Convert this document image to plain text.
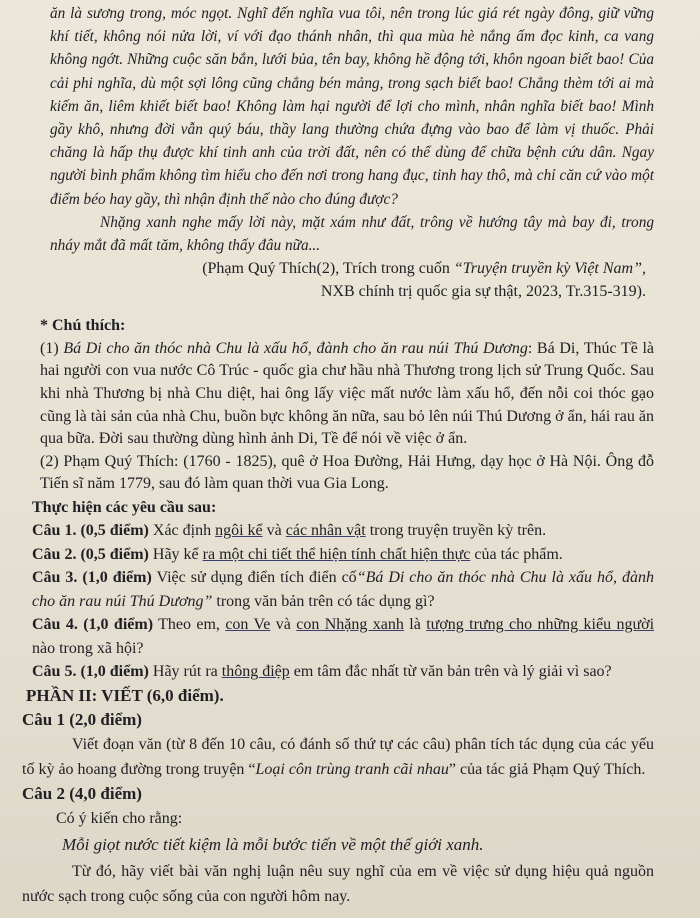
ăn là sương trong, móc ngọt. Nghĩ đến nghĩa vua tôi, nên trong lúc giá rét ngày đông, giữ vững khí tiết, không nói nửa lời, ví với đạo thánh nhân, thì qua mùa hè nắng ấm đọc kinh, ca vang không ngớt. Những cuộc săn bắn, lưới bủa, tên bay, không hề động tới, khôn ngoan biết bao! Của cải phi nghĩa, dù một sợi lông cũng chẳng bén mảng, trong sạch biết bao! Chẳng thèm tới ai mà kiếm ăn, liêm khiết biết bao! Không làm hại người để lợi cho mình, nhân nghĩa biết bao! Mình gầy khô, nhưng đời vẫn quý báu, thầy lang thường chứa đựng vào bao để làm vị thuốc. Phải chăng là hấp thụ được khí tinh anh của trời đất, nên có thể dùng để chữa bệnh cứu dân. Ngay người bình phẩm không tìm hiểu cho đến nơi trong hang đục, tinh hay thô, mà chỉ căn cứ vào một điểm béo hay gầy, thì nhận định thế nào cho đúng được?

Nhặng xanh nghe mấy lời này, mặt xám như đất, trông về hướng tây mà bay đi, trong nháy mắt đã mất tăm, không thấy đâu nữa...

(Phạm Quý Thích(2), Trích trong cuốn “Truyện truyền kỳ Việt Nam”,

NXB chính trị quốc gia sự thật, 2023, Tr.315-319).

* Chú thích:

(1) Bá Di cho ăn thóc nhà Chu là xấu hổ, đành cho ăn rau núi Thú Dương: Bá Di, Thúc Tề là hai người con vua nước Cô Trúc - quốc gia chư hầu nhà Thương trong lịch sử Trung Quốc. Sau khi nhà Thương bị nhà Chu diệt, hai ông lấy việc mất nước làm xấu hổ, đến nỗi coi thóc gạo cũng là tài sản của nhà Chu, buồn bực không ăn nữa, sau bỏ lên núi Thú Dương ở ẩn, hái rau ăn qua bữa. Đời sau thường dùng hình ảnh Di, Tề để nói về việc ở ẩn.

(2) Phạm Quý Thích: (1760 - 1825), quê ở Hoa Đường, Hải Hưng, dạy học ở Hà Nội. Ông đỗ Tiến sĩ năm 1779, sau đó làm quan thời vua Gia Long.

Thực hiện các yêu cầu sau:

Câu 1. (0,5 điểm) Xác định ngôi kể và các nhân vật trong truyện truyền kỳ trên.

Câu 2. (0,5 điểm) Hãy kể ra một chi tiết thể hiện tính chất hiện thực của tác phẩm.

Câu 3. (1,0 điểm) Việc sử dụng điển tích điển cố“Bá Di cho ăn thóc nhà Chu là xấu hổ, đành cho ăn rau núi Thú Dương” trong văn bản trên có tác dụng gì?

Câu 4. (1,0 điểm) Theo em, con Ve và con Nhặng xanh là tượng trưng cho những kiểu người nào trong xã hội?

Câu 5. (1,0 điểm) Hãy rút ra thông điệp em tâm đắc nhất từ văn bản trên và lý giải vì sao?

PHẦN II: VIẾT (6,0 điểm).

Câu 1 (2,0 điểm)

Viết đoạn văn (từ 8 đến 10 câu, có đánh số thứ tự các câu) phân tích tác dụng của các yếu tố kỳ ảo hoang đường trong truyện “Loại côn trùng tranh cãi nhau” của tác giả Phạm Quý Thích.

Câu 2 (4,0 điểm)

Có ý kiến cho rằng:

Mỗi giọt nước tiết kiệm là mỗi bước tiến về một thế giới xanh.

Từ đó, hãy viết bài văn nghị luận nêu suy nghĩ của em về việc sử dụng hiệu quả nguồn nước sạch trong cuộc sống của con người hôm nay.
